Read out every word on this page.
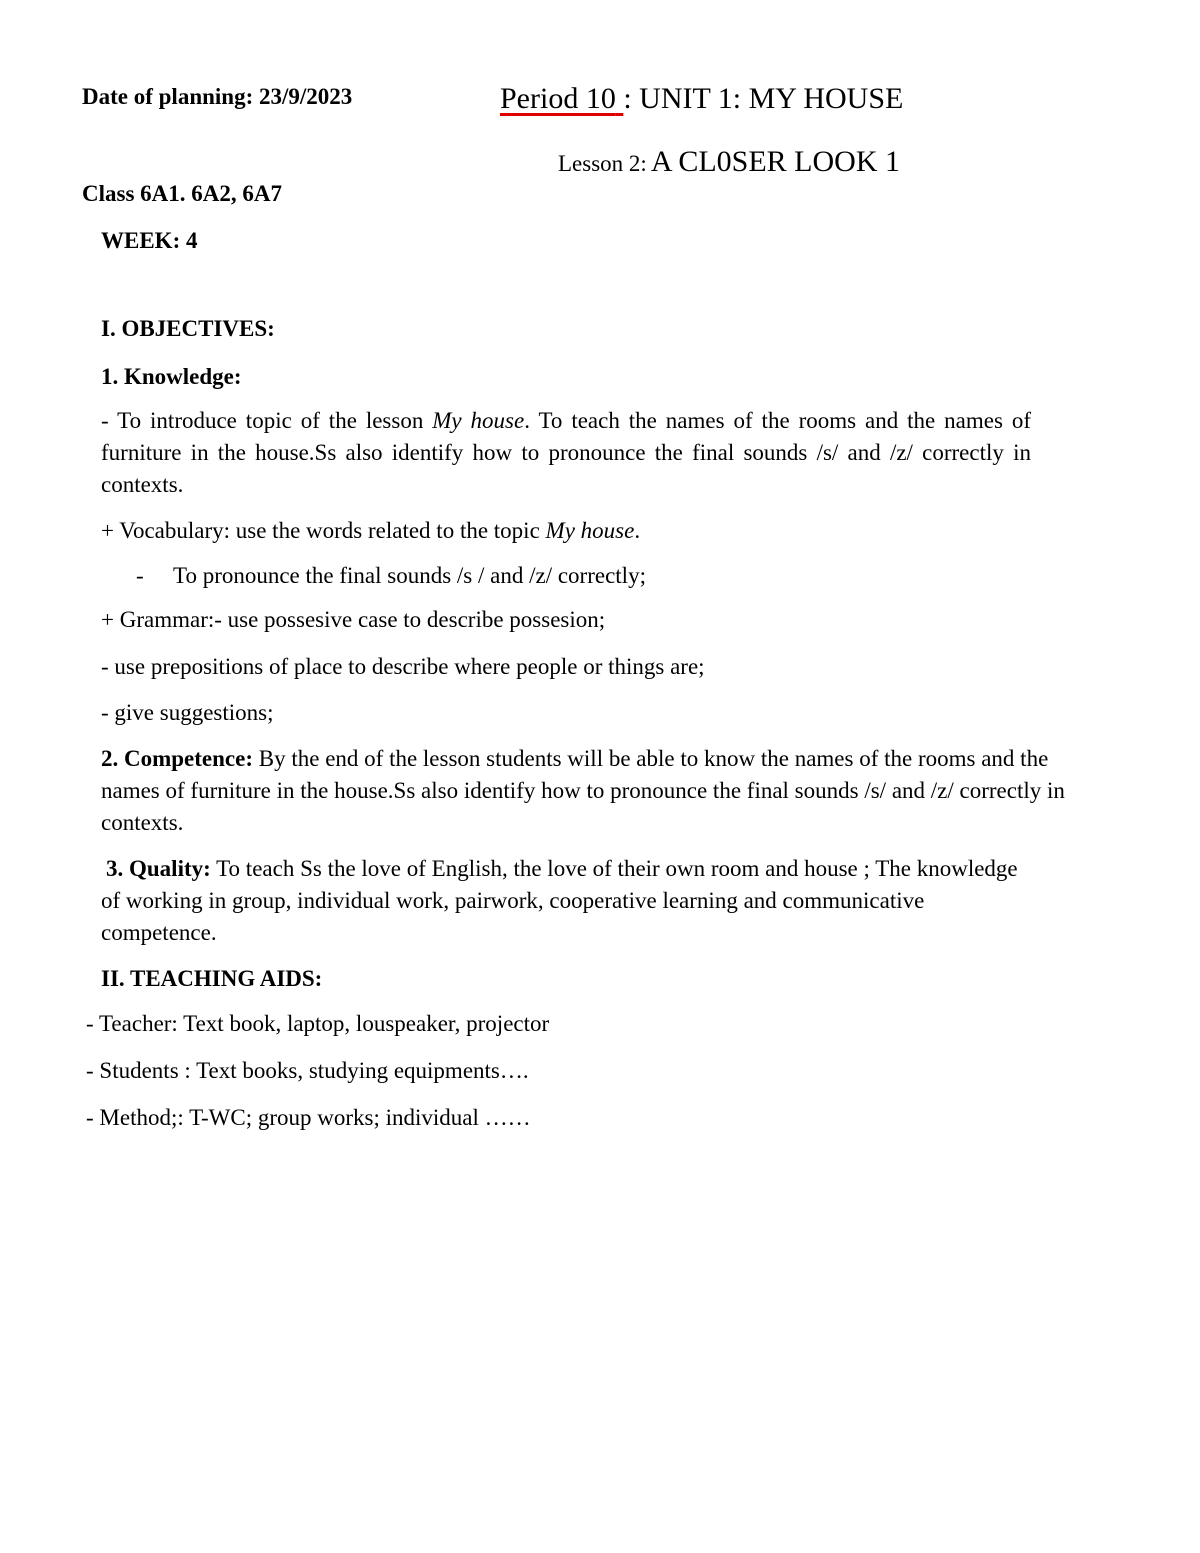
Date of planning: 23/9/2023	Period 10 : UNIT 1: MY HOUSE
Lesson 2: A CL0SER LOOK 1
Class 6A1. 6A2, 6A7
WEEK: 4
I. OBJECTIVES:
1. Knowledge:
- To introduce topic of the lesson My house. To teach the names of the rooms and the names of furniture in the house.Ss also identify how to pronounce the final sounds /s/ and /z/ correctly in contexts.
+ Vocabulary: use the words related to the topic My house.
- To pronounce the final sounds /s / and /z/ correctly;
+ Grammar:- use possesive case to describe possesion;
- use prepositions of place to describe where people or things are;
- give suggestions;
2. Competence: By the end of the lesson students will be able to know the names of the rooms and the names of furniture in the house.Ss also identify how to pronounce the final sounds /s/ and /z/ correctly in contexts.
3. Quality: To teach Ss the love of English, the love of their own room and house ; The knowledge of working in group, individual work, pairwork, cooperative learning and communicative competence.
II. TEACHING AIDS:
- Teacher: Text book, laptop, louspeaker, projector
- Students : Text books, studying equipments….
- Method;: T-WC; group works; individual ……
